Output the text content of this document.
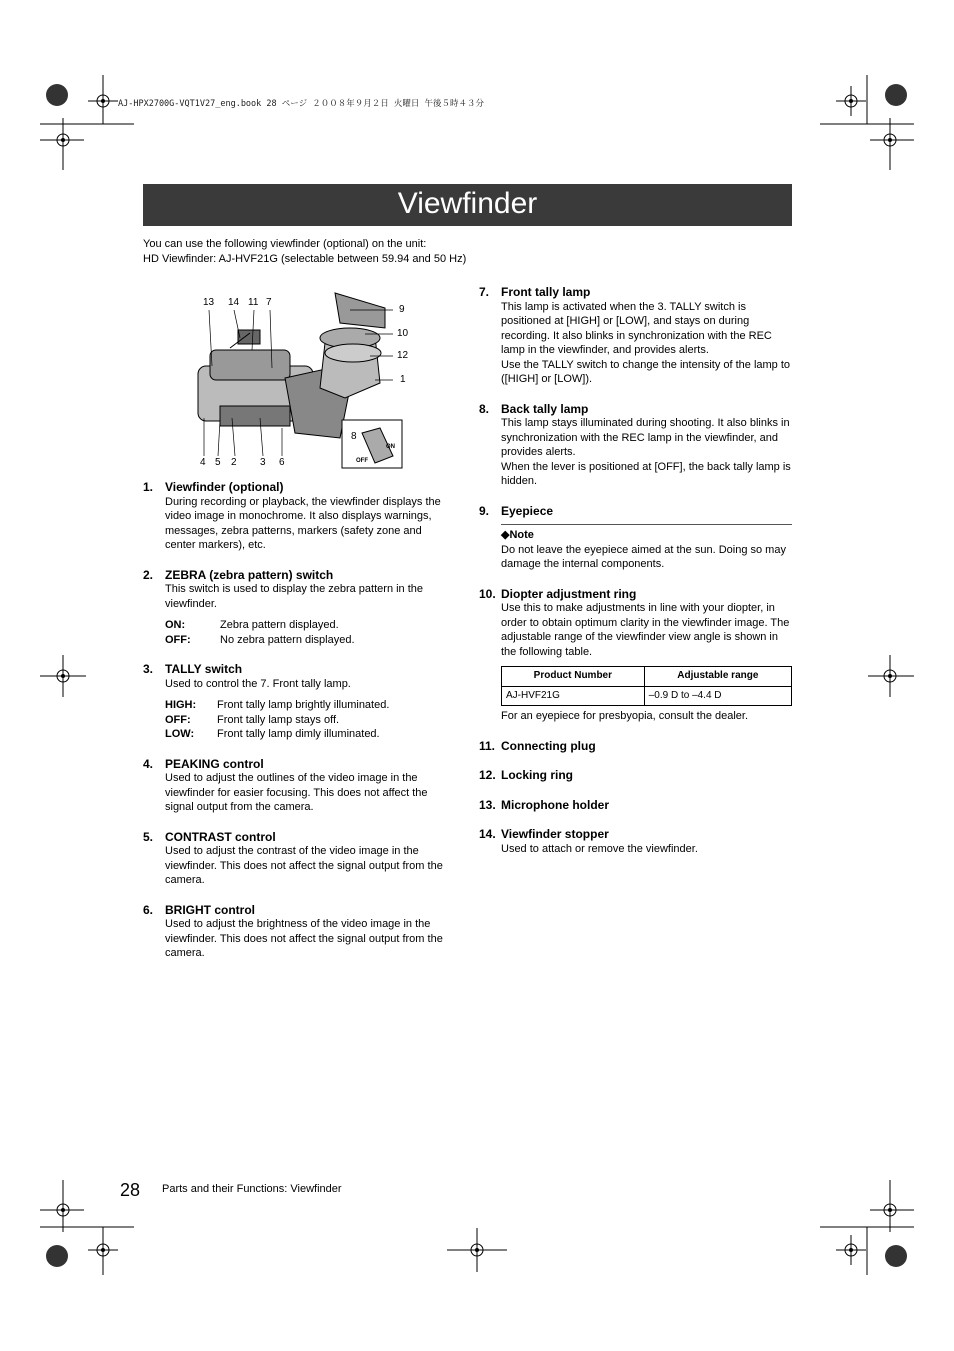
AJ-HPX2700G-VQT1V27_eng.book 28 ページ ２００８年９月２日 火曜日 午後５時４３分
Viewfinder
You can use the following viewfinder (optional) on the unit:
HD Viewfinder: AJ-HVF21G (selectable between 59.94 and 50 Hz)
13 14 11 7
9
10
12
1
4 5 2 3 6
8
ON
OFF
1. Viewfinder (optional)
During recording or playback, the viewfinder displays the video image in monochrome. It also displays warnings, messages, zebra patterns, markers (safety zone and center markers), etc.
2. ZEBRA (zebra pattern) switch
This switch is used to display the zebra pattern in the viewfinder.
ON:	Zebra pattern displayed.
OFF:	No zebra pattern displayed.
3. TALLY switch
Used to control the 7. Front tally lamp.
HIGH:	Front tally lamp brightly illuminated.
OFF:	Front tally lamp stays off.
LOW:	Front tally lamp dimly illuminated.
4. PEAKING control
Used to adjust the outlines of the video image in the viewfinder for easier focusing. This does not affect the signal output from the camera.
5. CONTRAST control
Used to adjust the contrast of the video image in the viewfinder. This does not affect the signal output from the camera.
6. BRIGHT control
Used to adjust the brightness of the video image in the viewfinder. This does not affect the signal output from the camera.
7. Front tally lamp
This lamp is activated when the 3. TALLY switch is positioned at [HIGH] or [LOW], and stays on during recording. It also blinks in synchronization with the REC lamp in the viewfinder, and provides alerts.
Use the TALLY switch to change the intensity of the lamp to ([HIGH] or [LOW]).
8. Back tally lamp
This lamp stays illuminated during shooting. It also blinks in synchronization with the REC lamp in the viewfinder, and provides alerts.
When the lever is positioned at [OFF], the back tally lamp is hidden.
9. Eyepiece
◆Note
Do not leave the eyepiece aimed at the sun. Doing so may damage the internal components.
10. Diopter adjustment ring
Use this to make adjustments in line with your diopter, in order to obtain optimum clarity in the viewfinder image. The adjustable range of the viewfinder view angle is shown in the following table.
Product Number	Adjustable range
AJ-HVF21G	–0.9 D to –4.4 D
For an eyepiece for presbyopia, consult the dealer.
11. Connecting plug
12. Locking ring
13. Microphone holder
14. Viewfinder stopper
Used to attach or remove the viewfinder.
28 Parts and their Functions: Viewfinder
